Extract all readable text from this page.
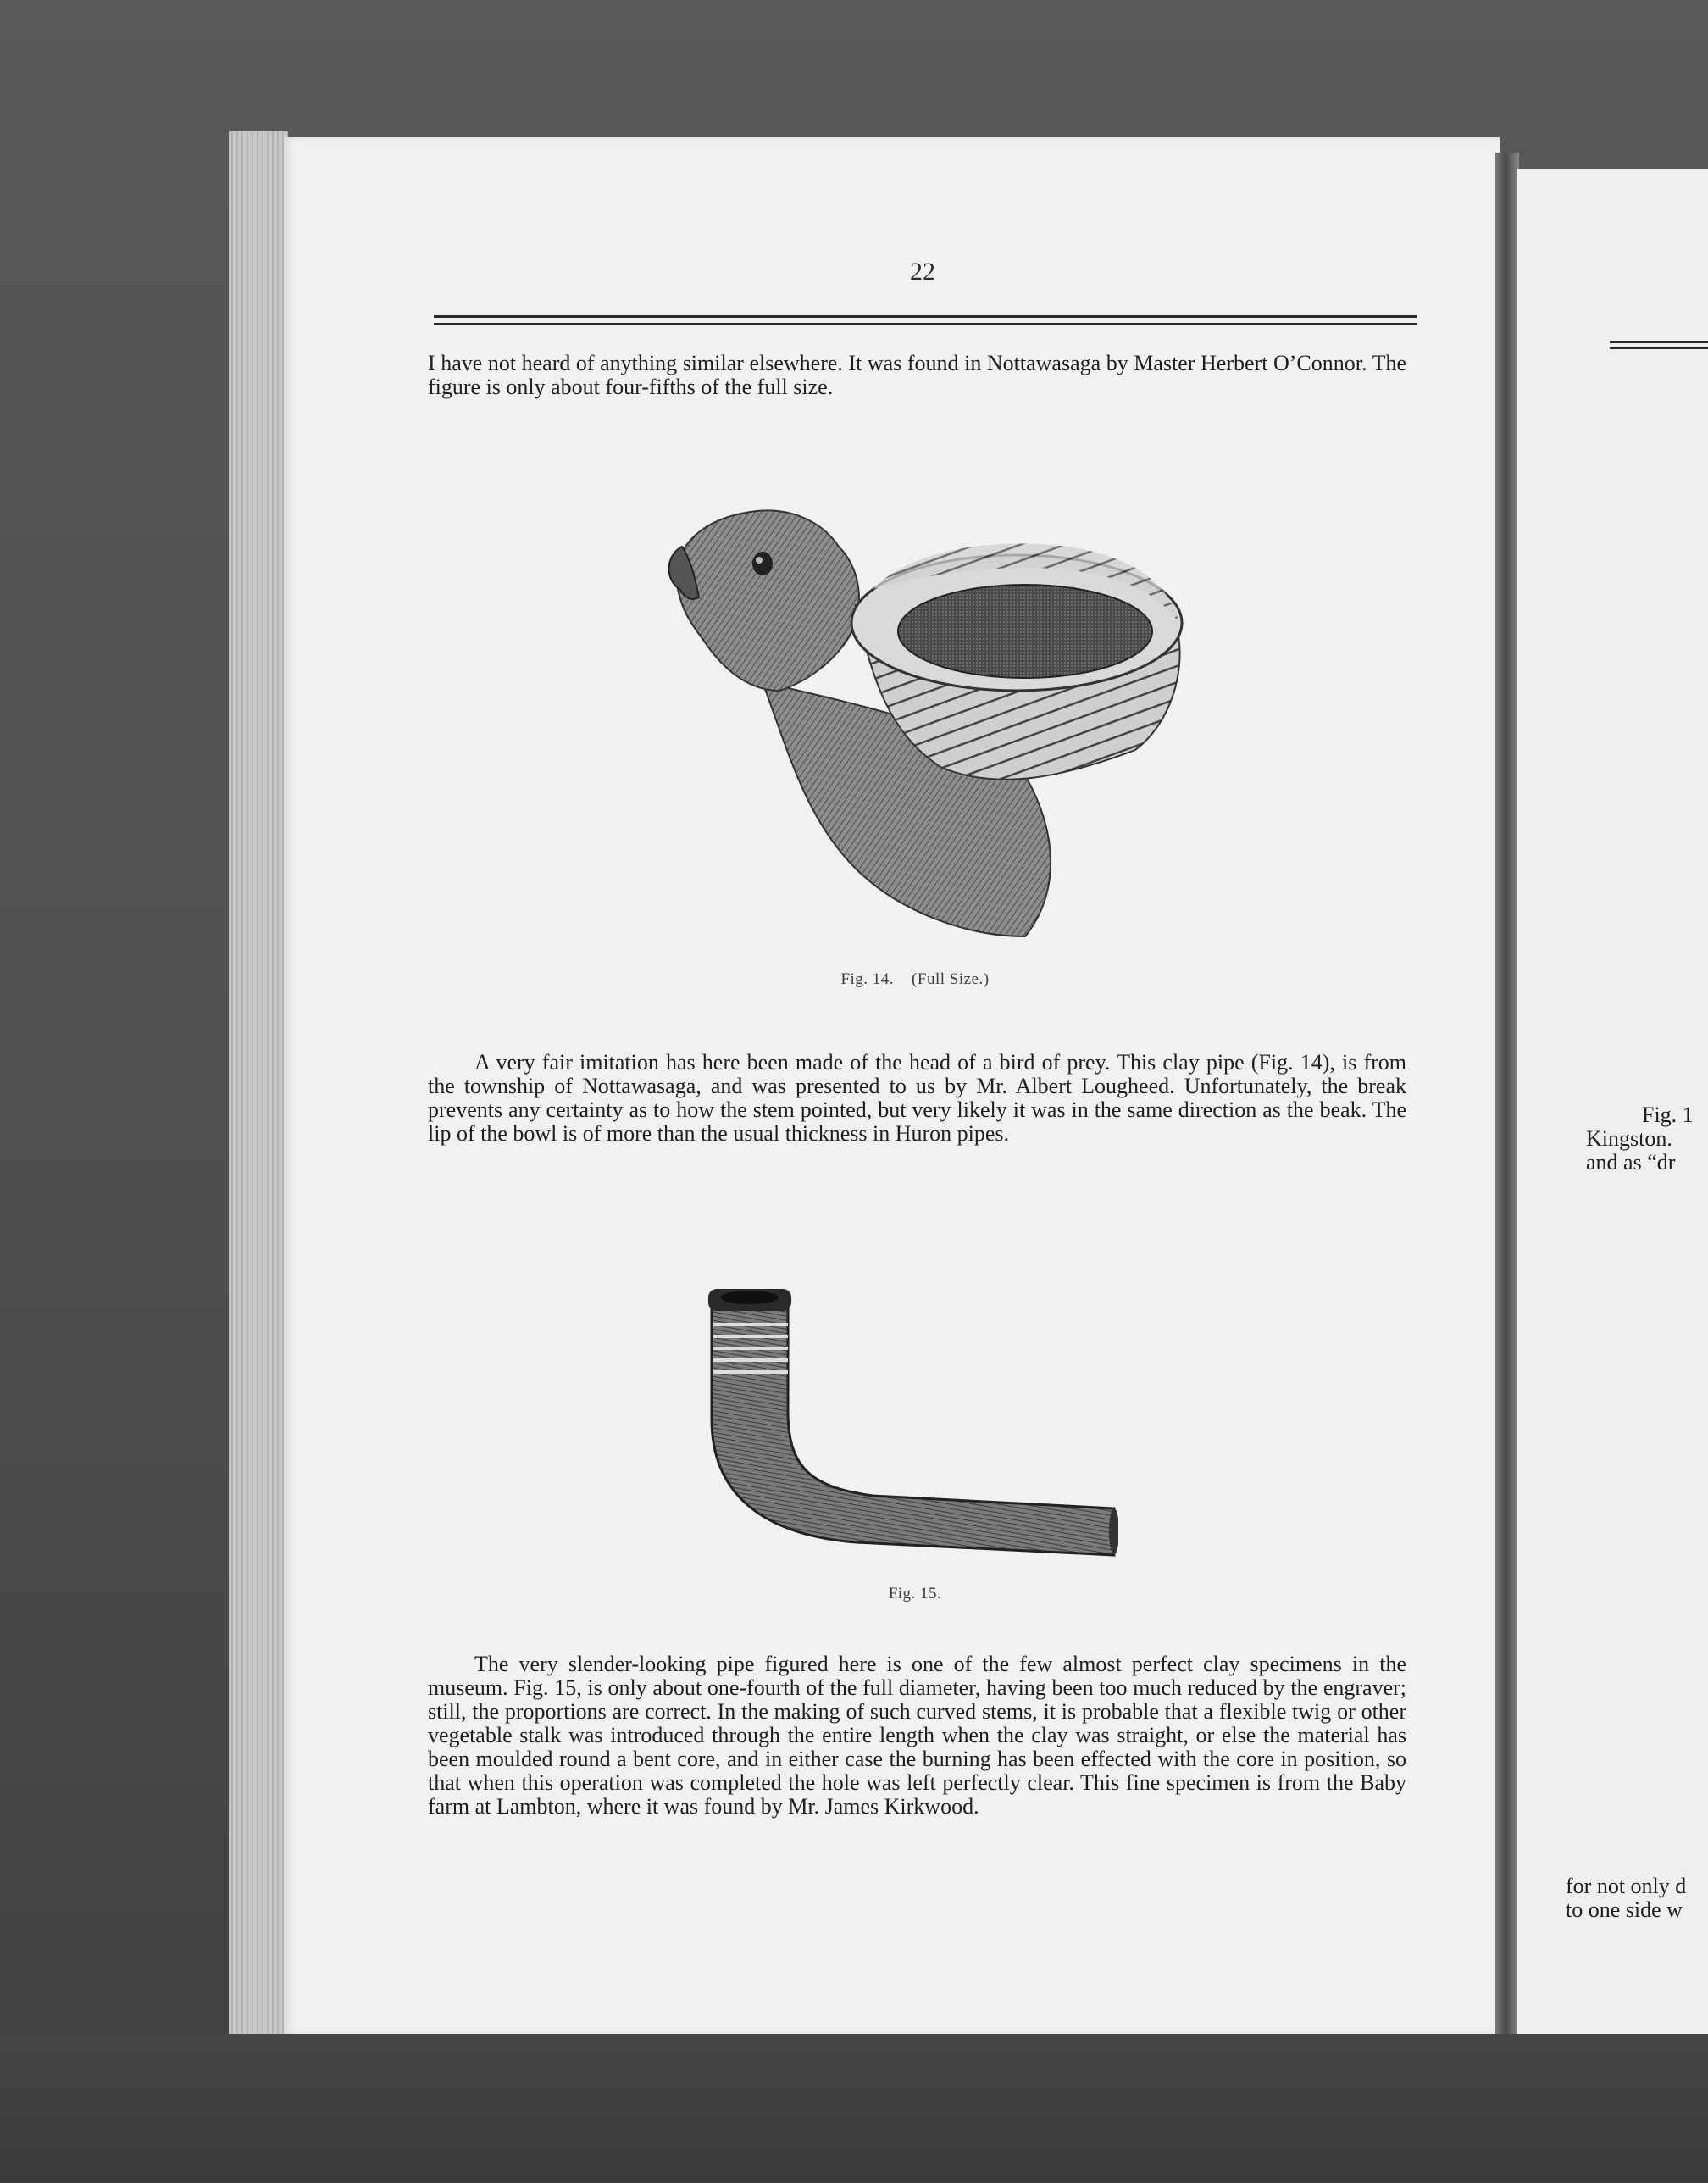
22
I have not heard of anything similar elsewhere. It was found in Nottawasaga by Master Herbert O’Connor. The figure is only about four-fifths of the full size.
Fig. 14.    (Full Size.)
A very fair imitation has here been made of the head of a bird of prey. This clay pipe (Fig. 14), is from the township of Nottawasaga, and was presented to us by Mr. Albert Lougheed. Unfortunately, the break prevents any certainty as to how the stem pointed, but very likely it was in the same direction as the beak. The lip of the bowl is of more than the usual thickness in Huron pipes.
Fig. 15.
The very slender-looking pipe figured here is one of the few almost perfect clay specimens in the museum. Fig. 15, is only about one-fourth of the full diameter, having been too much reduced by the engraver; still, the proportions are correct. In the making of such curved stems, it is probable that a flexible twig or other vegetable stalk was introduced through the entire length when the clay was straight, or else the material has been moulded round a bent core, and in either case the burning has been effected with the core in position, so that when this operation was completed the hole was left perfectly clear. This fine specimen is from the Baby farm at Lambton, where it was found by Mr. James Kirkwood.
Fig. 1
Kingston.
and as “dr
for not only d
to one side w
